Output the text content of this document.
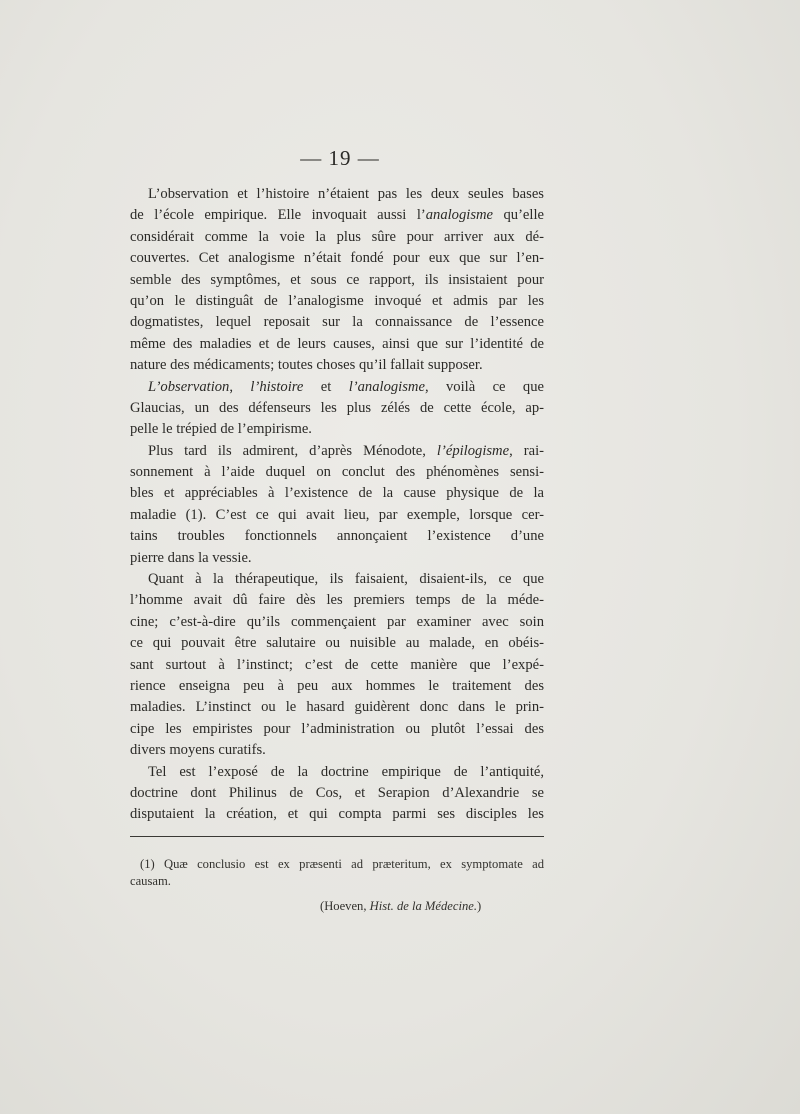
— 19 —
L’observation et l’histoire n’étaient pas les deux seules bases
de l’école empirique. Elle invoquait aussi l’analogisme qu’elle
considérait comme la voie la plus sûre pour arriver aux dé-
couvertes. Cet analogisme n’était fondé pour eux que sur l’en-
semble des symptômes, et sous ce rapport, ils insistaient pour
qu’on le distinguât de l’analogisme invoqué et admis par les
dogmatistes, lequel reposait sur la connaissance de l’essence
même des maladies et de leurs causes, ainsi que sur l’identité de
nature des médicaments; toutes choses qu’il fallait supposer.
L’observation, l’histoire et l’analogisme, voilà ce que
Glaucias, un des défenseurs les plus zélés de cette école, ap-
pelle le trépied de l’empirisme.
Plus tard ils admirent, d’après Ménodote, l’épilogisme, rai-
sonnement à l’aide duquel on conclut des phénomènes sensi-
bles et appréciables à l’existence de la cause physique de la
maladie (1). C’est ce qui avait lieu, par exemple, lorsque cer-
tains troubles fonctionnels annonçaient l’existence d’une
pierre dans la vessie.
Quant à la thérapeutique, ils faisaient, disaient-ils, ce que
l’homme avait dû faire dès les premiers temps de la méde-
cine; c’est-à-dire qu’ils commençaient par examiner avec soin
ce qui pouvait être salutaire ou nuisible au malade, en obéis-
sant surtout à l’instinct; c’est de cette manière que l’expé-
rience enseigna peu à peu aux hommes le traitement des
maladies. L’instinct ou le hasard guidèrent donc dans le prin-
cipe les empiristes pour l’administration ou plutôt l’essai des
divers moyens curatifs.
Tel est l’exposé de la doctrine empirique de l’antiquité,
doctrine dont Philinus de Cos, et Serapion d’Alexandrie se
disputaient la création, et qui compta parmi ses disciples les
(1) Quæ conclusio est ex præsenti ad præteritum, ex symptomate ad
causam.
(Hoeven, Hist. de la Médecine.)
